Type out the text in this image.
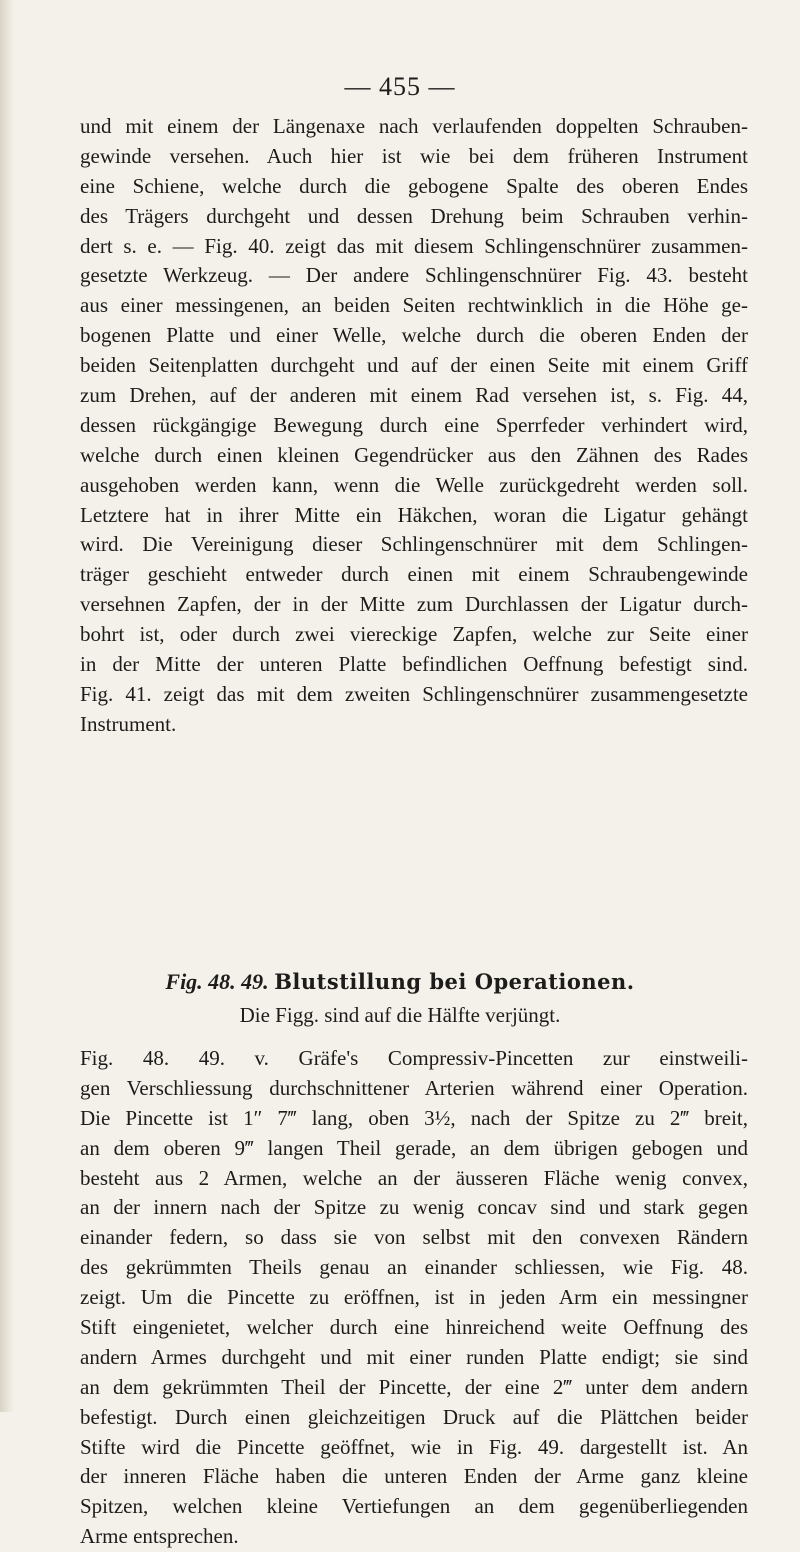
— 455 —

und mit einem der Längenaxe nach verlaufenden doppelten Schrauben-
gewinde versehen. Auch hier ist wie bei dem früheren Instrument
eine Schiene, welche durch die gebogene Spalte des oberen Endes
des Trägers durchgeht und dessen Drehung beim Schrauben verhin-
dert s. e. — Fig. 40. zeigt das mit diesem Schlingenschnürer zusammen-
gesetzte Werkzeug. — Der andere Schlingenschnürer Fig. 43. besteht
aus einer messingenen, an beiden Seiten rechtwinklich in die Höhe ge-
bogenen Platte und einer Welle, welche durch die oberen Enden der
beiden Seitenplatten durchgeht und auf der einen Seite mit einem Griff
zum Drehen, auf der anderen mit einem Rad versehen ist, s. Fig. 44,
dessen rückgängige Bewegung durch eine Sperrfeder verhindert wird,
welche durch einen kleinen Gegendrücker aus den Zähnen des Rades
ausgehoben werden kann, wenn die Welle zurückgedreht werden soll.
Letztere hat in ihrer Mitte ein Häkchen, woran die Ligatur gehängt
wird. Die Vereinigung dieser Schlingenschnürer mit dem Schlingen-
träger geschieht entweder durch einen mit einem Schraubengewinde
versehnen Zapfen, der in der Mitte zum Durchlassen der Ligatur durch-
bohrt ist, oder durch zwei viereckige Zapfen, welche zur Seite einer
in der Mitte der unteren Platte befindlichen Oeffnung befestigt sind.
Fig. 41. zeigt das mit dem zweiten Schlingenschnürer zusammengesetzte
Instrument.

Fig. 48. 49. Blutstillung bei Operationen.

Die Figg. sind auf die Hälfte verjüngt.

Fig. 48. 49. v. Gräfe's Compressiv-Pincetten zur einstweili-
gen Verschliessung durchschnittener Arterien während einer Operation.
Die Pincette ist 1″ 7‴ lang, oben 3½, nach der Spitze zu 2‴ breit,
an dem oberen 9‴ langen Theil gerade, an dem übrigen gebogen und
besteht aus 2 Armen, welche an der äusseren Fläche wenig convex,
an der innern nach der Spitze zu wenig concav sind und stark gegen
einander federn, so dass sie von selbst mit den convexen Rändern
des gekrümmten Theils genau an einander schliessen, wie Fig. 48.
zeigt. Um die Pincette zu eröffnen, ist in jeden Arm ein messingner
Stift eingenietet, welcher durch eine hinreichend weite Oeffnung des
andern Armes durchgeht und mit einer runden Platte endigt; sie sind
an dem gekrümmten Theil der Pincette, der eine 2‴ unter dem andern
befestigt. Durch einen gleichzeitigen Druck auf die Plättchen beider
Stifte wird die Pincette geöffnet, wie in Fig. 49. dargestellt ist. An
der inneren Fläche haben die unteren Enden der Arme ganz kleine
Spitzen, welchen kleine Vertiefungen an dem gegenüberliegenden
Arme entsprechen.
